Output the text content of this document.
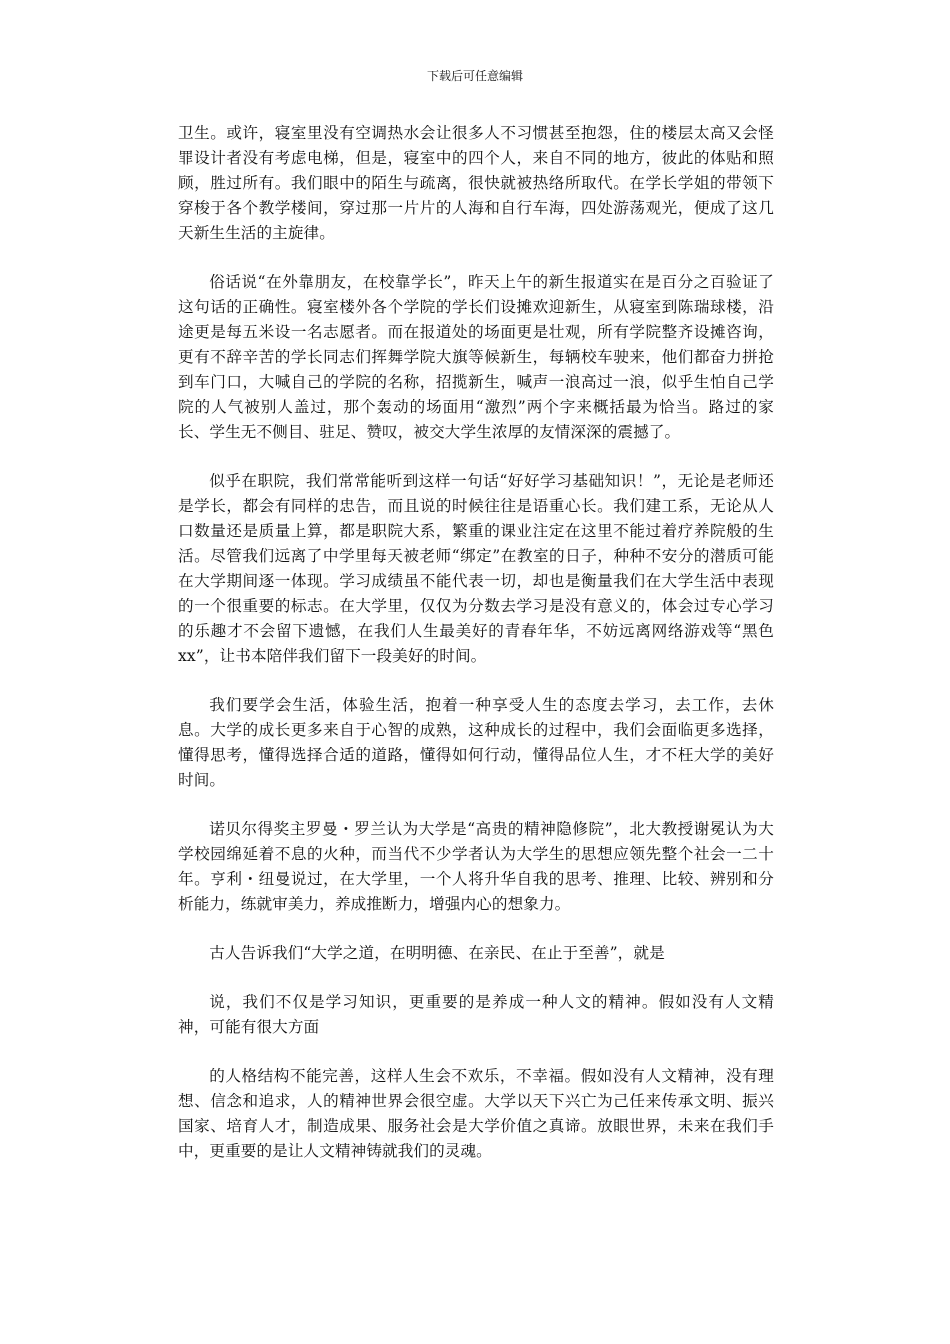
下载后可任意编辑

卫生。或许，寝室里没有空调热水会让很多人不习惯甚至抱怨，住的楼层太高又会怪罪设计者没有考虑电梯，但是，寝室中的四个人，来自不同的地方，彼此的体贴和照顾，胜过所有。我们眼中的陌生与疏离，很快就被热络所取代。在学长学姐的带领下穿梭于各个教学楼间，穿过那一片片的人海和自行车海，四处游荡观光，便成了这几天新生生活的主旋律。

俗话说“在外靠朋友，在校靠学长”，昨天上午的新生报道实在是百分之百验证了这句话的正确性。寝室楼外各个学院的学长们设摊欢迎新生，从寝室到陈瑞球楼，沿途更是每五米设一名志愿者。而在报道处的场面更是壮观，所有学院整齐设摊咨询，更有不辞辛苦的学长同志们挥舞学院大旗等候新生，每辆校车驶来，他们都奋力拼抢到车门口，大喊自己的学院的名称，招揽新生，喊声一浪高过一浪，似乎生怕自己学院的人气被别人盖过，那个轰动的场面用“激烈”两个字来概括最为恰当。路过的家长、学生无不侧目、驻足、赞叹，被交大学生浓厚的友情深深的震撼了。

似乎在职院，我们常常能听到这样一句话“好好学习基础知识！”，无论是老师还是学长，都会有同样的忠告，而且说的时候往往是语重心长。我们建工系，无论从人口数量还是质量上算，都是职院大系，繁重的课业注定在这里不能过着疗养院般的生活。尽管我们远离了中学里每天被老师“绑定”在教室的日子，种种不安分的潜质可能在大学期间逐一体现。学习成绩虽不能代表一切，却也是衡量我们在大学生活中表现的一个很重要的标志。在大学里，仅仅为分数去学习是没有意义的，体会过专心学习的乐趣才不会留下遗憾，在我们人生最美好的青春年华，不妨远离网络游戏等“黑色xx”，让书本陪伴我们留下一段美好的时间。

我们要学会生活，体验生活，抱着一种享受人生的态度去学习，去工作，去休息。大学的成长更多来自于心智的成熟，这种成长的过程中，我们会面临更多选择，懂得思考，懂得选择合适的道路，懂得如何行动，懂得品位人生，才不枉大学的美好时间。

诺贝尔得奖主罗曼・罗兰认为大学是“高贵的精神隐修院”，北大教授谢冕认为大学校园绵延着不息的火种，而当代不少学者认为大学生的思想应领先整个社会一二十年。亨利・纽曼说过，在大学里，一个人将升华自我的思考、推理、比较、辨别和分析能力，练就审美力，养成推断力，增强内心的想象力。

古人告诉我们“大学之道，在明明德、在亲民、在止于至善”，就是

说，我们不仅是学习知识，更重要的是养成一种人文的精神。假如没有人文精神，可能有很大方面

的人格结构不能完善，这样人生会不欢乐，不幸福。假如没有人文精神，没有理想、信念和追求，人的精神世界会很空虚。大学以天下兴亡为己任来传承文明、振兴国家、培育人才，制造成果、服务社会是大学价值之真谛。放眼世界，未来在我们手中，更重要的是让人文精神铸就我们的灵魂。
